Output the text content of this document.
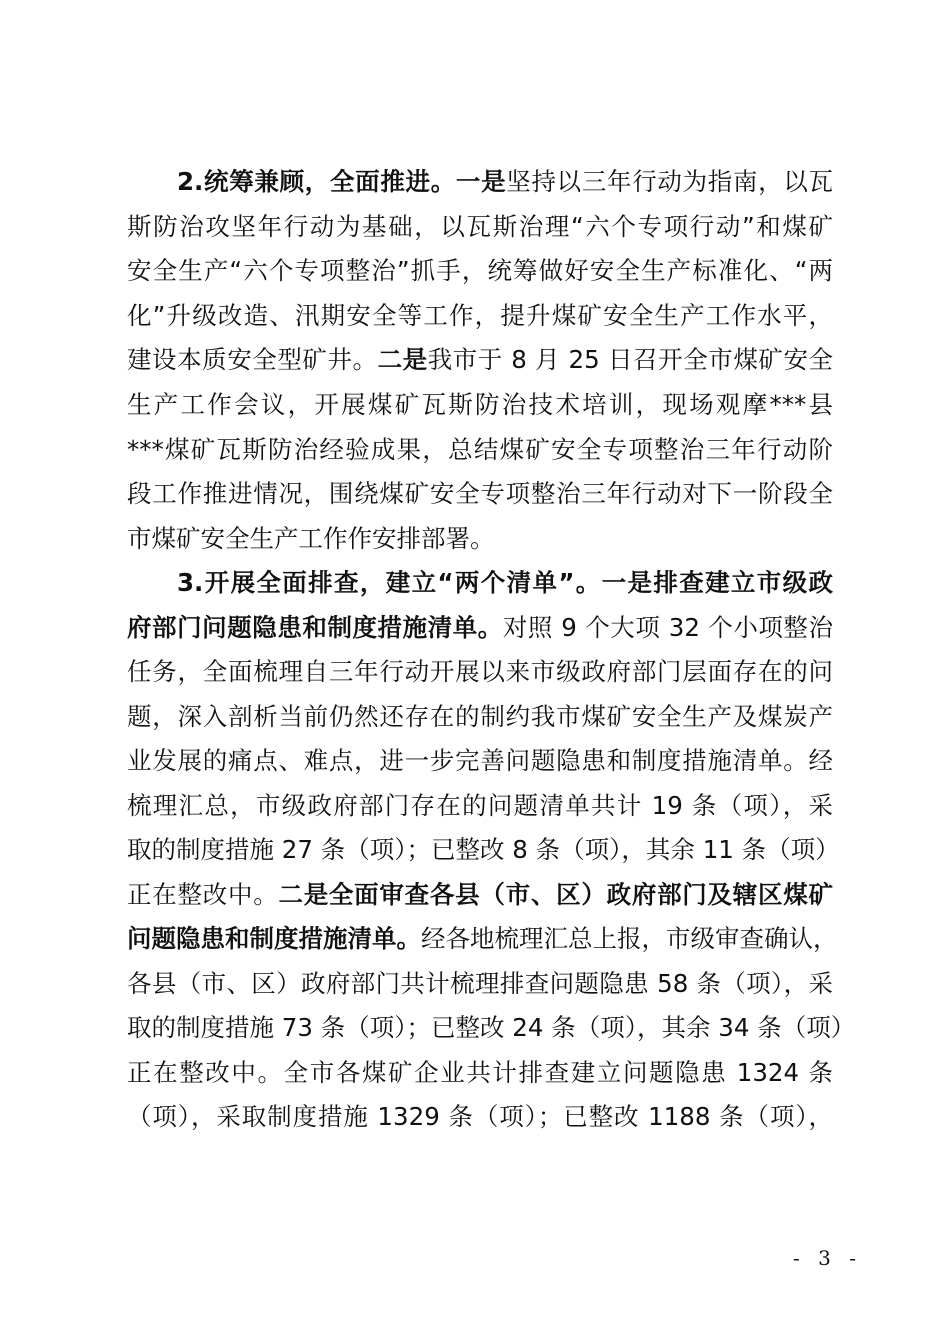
2.统筹兼顾，全面推进。一是坚持以三年行动为指南，以瓦
斯防治攻坚年行动为基础，以瓦斯治理“六个专项行动”和煤矿
安全生产“六个专项整治”抓手，统筹做好安全生产标准化、“两
化”升级改造、汛期安全等工作，提升煤矿安全生产工作水平，
建设本质安全型矿井。二是我市于 8 月 25 日召开全市煤矿安全
生产工作会议，开展煤矿瓦斯防治技术培训，现场观摩***县
***煤矿瓦斯防治经验成果，总结煤矿安全专项整治三年行动阶
段工作推进情况，围绕煤矿安全专项整治三年行动对下一阶段全
市煤矿安全生产工作作安排部署。
3.开展全面排查，建立“两个清单”。一是排查建立市级政
府部门问题隐患和制度措施清单。对照 9 个大项 32 个小项整治
任务，全面梳理自三年行动开展以来市级政府部门层面存在的问
题，深入剖析当前仍然还存在的制约我市煤矿安全生产及煤炭产
业发展的痛点、难点，进一步完善问题隐患和制度措施清单。经
梳理汇总，市级政府部门存在的问题清单共计 19 条（项），采
取的制度措施 27 条（项）；已整改 8 条（项），其余 11 条（项）
正在整改中。二是全面审查各县（市、区）政府部门及辖区煤矿
问题隐患和制度措施清单。经各地梳理汇总上报，市级审查确认，
各县（市、区）政府部门共计梳理排查问题隐患 58 条（项），采
取的制度措施 73 条（项）；已整改 24 条（项），其余 34 条（项）
正在整改中。全市各煤矿企业共计排查建立问题隐患 1324 条
（项），采取制度措施 1329 条（项）；已整改 1188 条（项），
- 3 -
